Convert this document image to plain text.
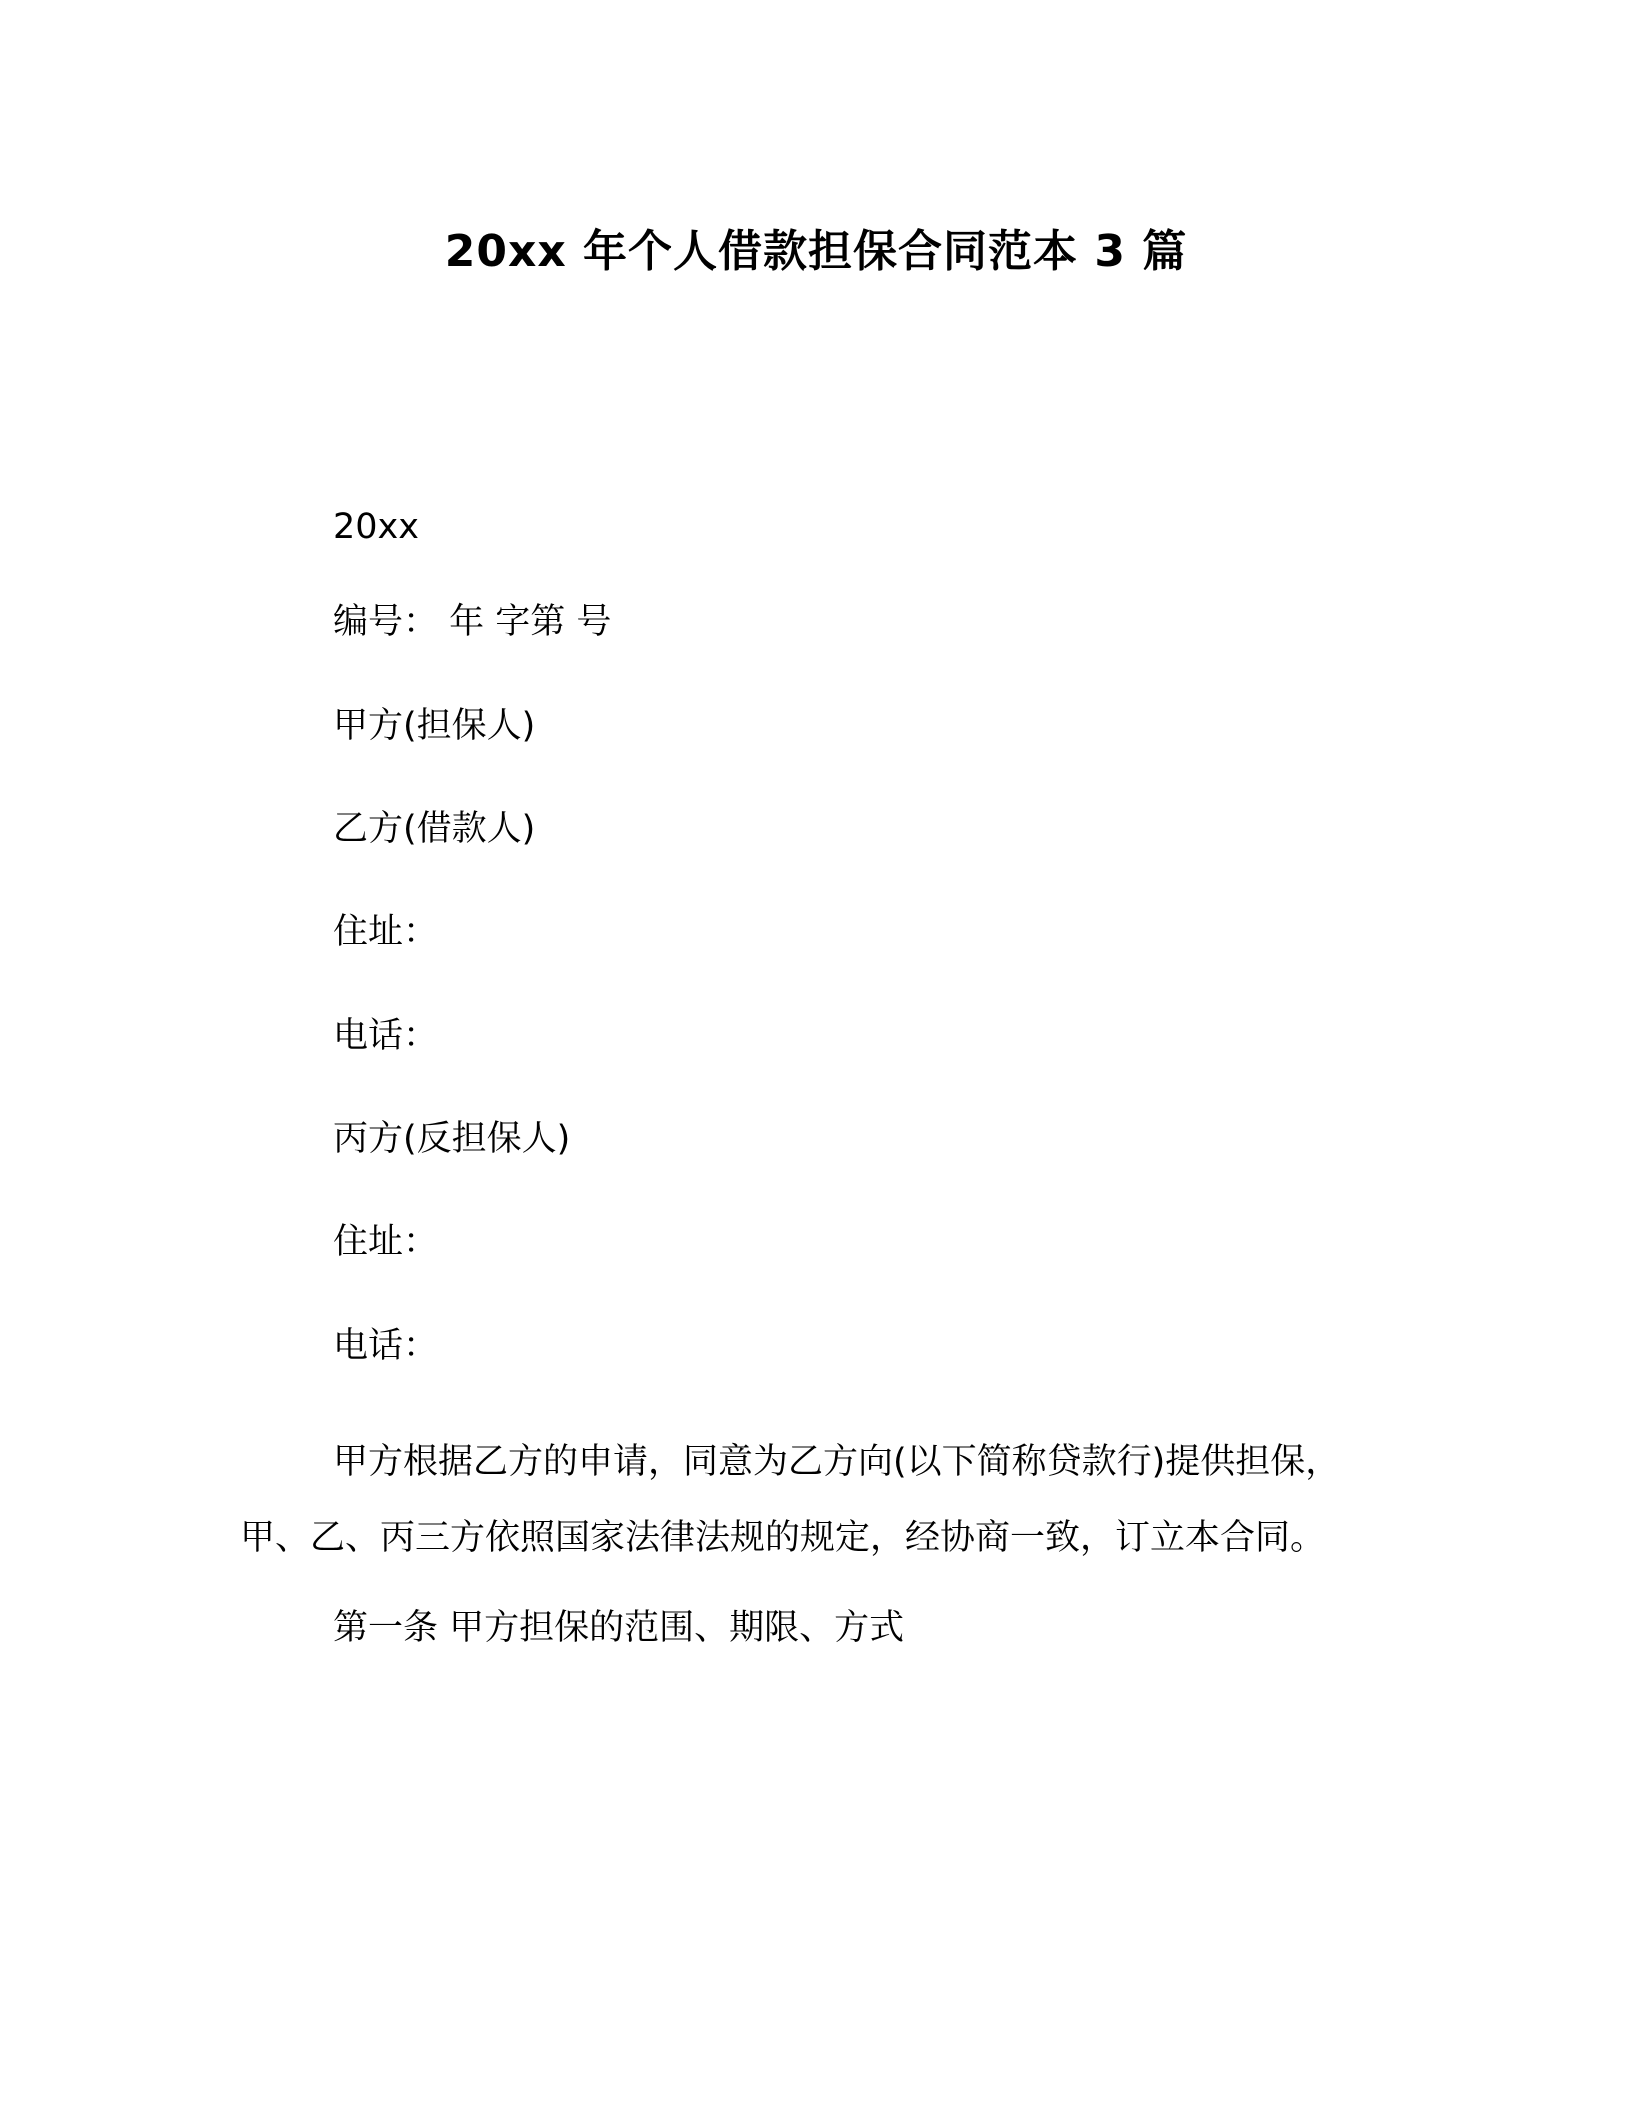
20xx 年个人借款担保合同范本 3 篇
20xx
编号： 年 字第 号
甲方(担保人)
乙方(借款人)
住址：
电话：
丙方(反担保人)
住址：
电话：
甲方根据乙方的申请，同意为乙方向(以下简称贷款行)提供担保，
甲、乙、丙三方依照国家法律法规的规定，经协商一致，订立本合同。
第一条 甲方担保的范围、期限、方式
